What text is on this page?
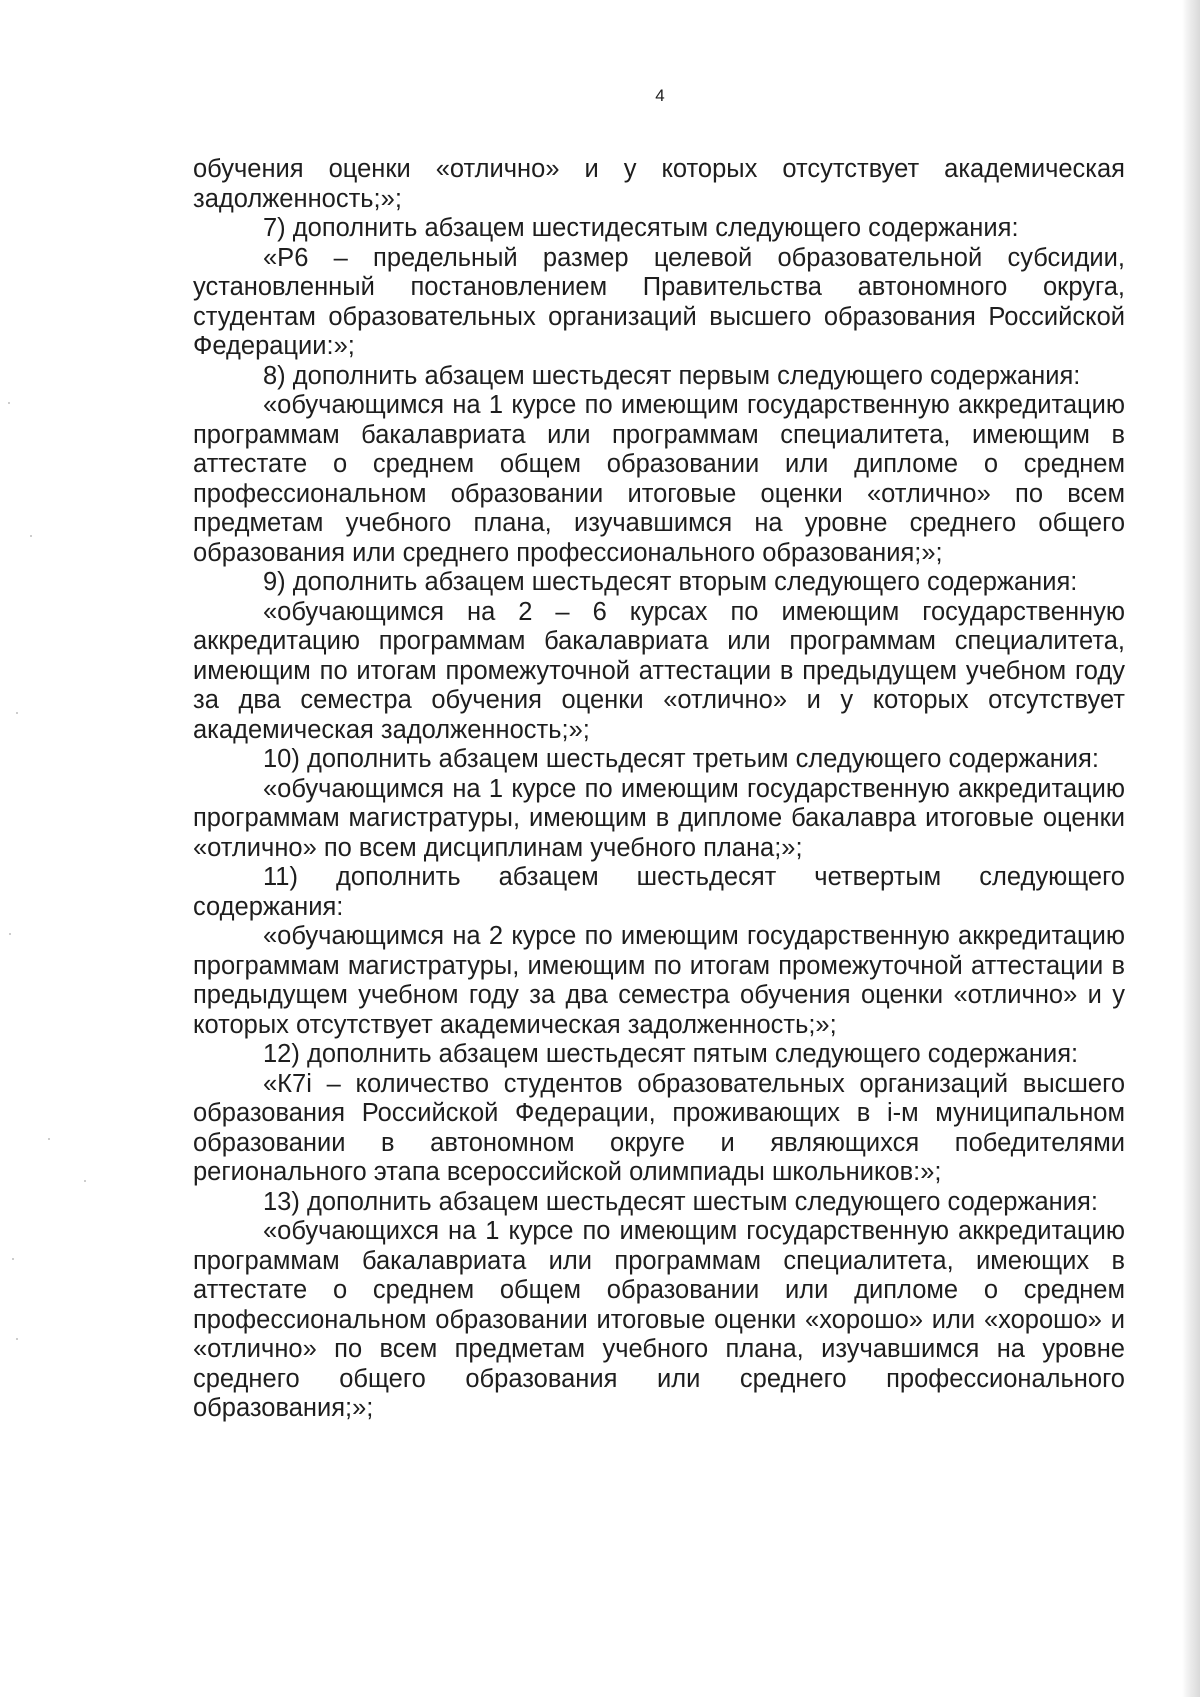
4

обучения оценки «отлично» и у которых отсутствует академическая задолженность;»;

7) дополнить абзацем шестидесятым следующего содержания:

«Р6 – предельный размер целевой образовательной субсидии, установленный постановлением Правительства автономного округа, студентам образовательных организаций высшего образования Российской Федерации:»;

8) дополнить абзацем шестьдесят первым следующего содержания:

«обучающимся на 1 курсе по имеющим государственную аккредитацию программам бакалавриата или программам специалитета, имеющим в аттестате о среднем общем образовании или дипломе о среднем профессиональном образовании итоговые оценки «отлично» по всем предметам учебного плана, изучавшимся на уровне среднего общего образования или среднего профессионального образования;»;

9) дополнить абзацем шестьдесят вторым следующего содержания:

«обучающимся на 2 – 6 курсах по имеющим государственную аккредитацию программам бакалавриата или программам специалитета, имеющим по итогам промежуточной аттестации в предыдущем учебном году за два семестра обучения оценки «отлично» и у которых отсутствует академическая задолженность;»;

10) дополнить абзацем шестьдесят третьим следующего содержания:

«обучающимся на 1 курсе по имеющим государственную аккредитацию программам магистратуры, имеющим в дипломе бакалавра итоговые оценки «отлично» по всем дисциплинам учебного плана;»;

11) дополнить абзацем шестьдесят четвертым следующего содержания:

«обучающимся на 2 курсе по имеющим государственную аккредитацию программам магистратуры, имеющим по итогам промежуточной аттестации в предыдущем учебном году за два семестра обучения оценки «отлично» и у которых отсутствует академическая задолженность;»;

12) дополнить абзацем шестьдесят пятым следующего содержания:

«К7i – количество студентов образовательных организаций высшего образования Российской Федерации, проживающих в i-м муниципальном образовании в автономном округе и являющихся победителями регионального этапа всероссийской олимпиады школьников:»;

13) дополнить абзацем шестьдесят шестым следующего содержания:

«обучающихся на 1 курсе по имеющим государственную аккредитацию программам бакалавриата или программам специалитета, имеющих в аттестате о среднем общем образовании или дипломе о среднем профессиональном образовании итоговые оценки «хорошо» или «хорошо» и «отлично» по всем предметам учебного плана, изучавшимся на уровне среднего общего образования или среднего профессионального образования;»;
